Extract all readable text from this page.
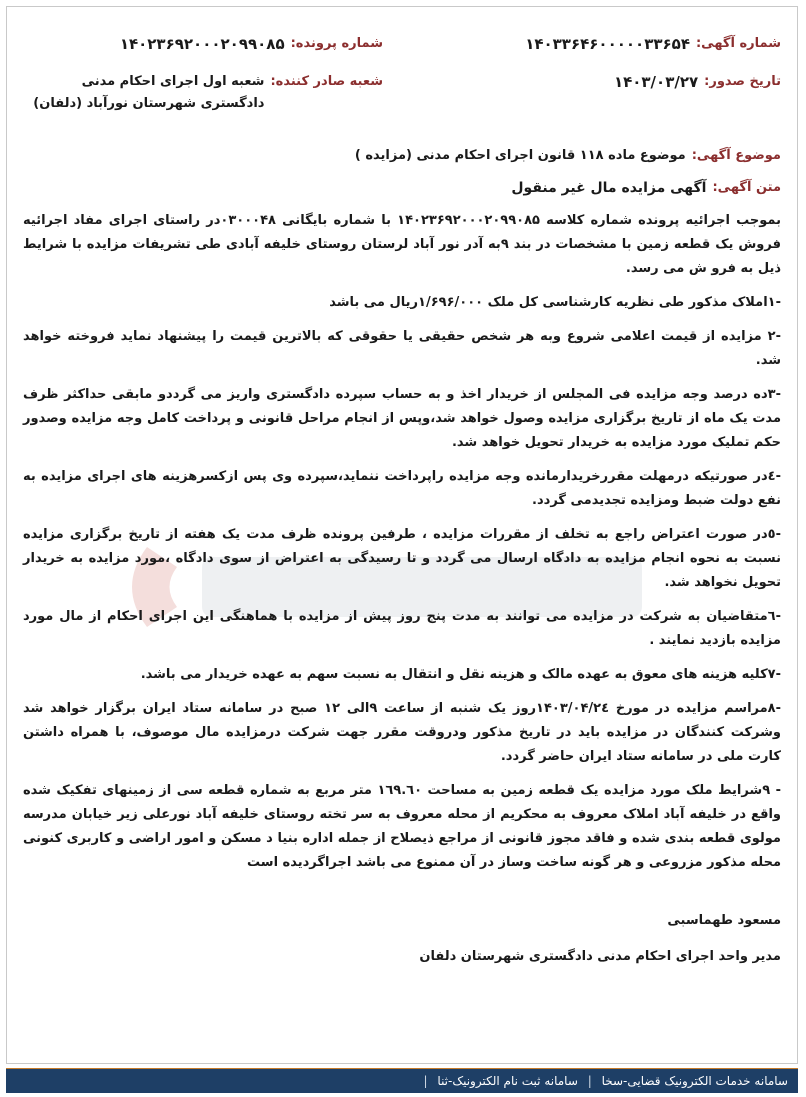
شماره آگهی:
۱۴۰۳۳۶۴۶۰۰۰۰۰۳۳۶۵۴
شماره پرونده:
۱۴۰۲۳۶۹۲۰۰۰۲۰۹۹۰۸۵
تاریخ صدور:
۱۴۰۳/۰۳/۲۷
شعبه صادر کننده:
شعبه اول اجرای احکام مدنی دادگستری شهرستان نورآباد (دلفان)
موضوع آگهی:
موضوع ماده ۱۱۸ قانون اجرای احکام مدنی (مزایده )
متن آگهی:
آگهی مزایده مال غیر منقول

بموجب اجرائیه پرونده شماره کلاسه ۱۴۰۲۳۶۹۲۰۰۰۲۰۹۹۰۸۵ با شماره بایگانی ۰۳۰۰۰۴۸در راستای اجرای مفاد اجرائیه فروش یک قطعه زمین با مشخصات در بند ۹به آدر نور آباد لرستان روستای خلیفه آبادی طی تشریفات مزایده با شرایط ذیل به فرو ش می رسد.

-۱املاک مذکور طی نظریه کارشناسی کل ملک ۱/۶۹۶/۰۰۰ریال می باشد

-۲ مزایده از قیمت اعلامی شروع وبه هر شخص حقیقی یا حقوقی که بالاترین قیمت را پیشنهاد نماید فروخته خواهد شد.

-۳ده درصد وجه مزایده فی المجلس از خریدار اخذ و به حساب سپرده دادگستری واریز می گرددو مابقی حداکثر ظرف مدت یک ماه از تاریخ برگزاری مزایده وصول خواهد شد،وپس از انجام مراحل قانونی و پرداخت کامل وجه مزایده وصدور حکم تملیک مورد مزایده به خریدار تحویل خواهد شد.

-٤در صورتیکه درمهلت مقررخریدارمانده وجه مزایده راپرداخت ننماید،سپرده وی پس ازکسرهزینه های اجرای مزایده به نفع دولت ضبط ومزایده تجدیدمی گردد.

-٥در صورت اعتراض راجع به تخلف از مقررات مزایده ، طرفین پرونده ظرف مدت یک هفته از تاریخ برگزاری مزایده نسبت به نحوه انجام مزایده به دادگاه ارسال می گردد و تا رسیدگی به اعتراض از سوی دادگاه ،مورد مزایده به خریدار تحویل نخواهد شد.

-٦متقاضیان به شرکت در مزایده می توانند به مدت پنج روز پیش از مزایده با هماهنگی این اجرای احکام از مال مورد مزایده بازدید نمایند .

-۷کلیه هزینه های معوق به عهده مالک و هزینه نقل و انتقال به نسبت سهم به عهده خریدار می باشد.

-۸مراسم مزایده در مورخ ۱۴۰۳/۰۴/۲٤روز یک شنبه از ساعت ۹الی ۱۲ صبح در سامانه ستاد ایران برگزار خواهد شد وشرکت کنندگان در مزایده باید در تاریخ مذکور ودروقت مقرر جهت شرکت درمزایده مال موصوف، با همراه داشتن کارت ملی در سامانه ستاد ایران حاضر گردد.

- ۹شرایط ملک مورد مزایده یک قطعه زمین به مساحت ۱٦۹.٦۰ متر مربع به شماره قطعه سی از زمینهای تفکیک شده واقع در خلیفه آباد املاک معروف به محکریم از محله معروف به سر تخته روستای خلیفه آباد نورعلی زیر خیابان مدرسه مولوی قطعه بندی شده و فاقد مجوز قانونی از مراجع ذیصلاح از جمله اداره بنیا د مسکن و امور اراضی و کاربری کنونی محله مذکور مزروعی و هر گونه ساخت وساز در آن ممنوع می باشد اجراگردیده است

مسعود طهماسبی
مدیر واحد اجرای احکام مدنی دادگستری شهرستان دلفان
سامانه خدمات الکترونیک قضایی-سخا | سامانه ثبت نام الکترونیک-ثنا |
